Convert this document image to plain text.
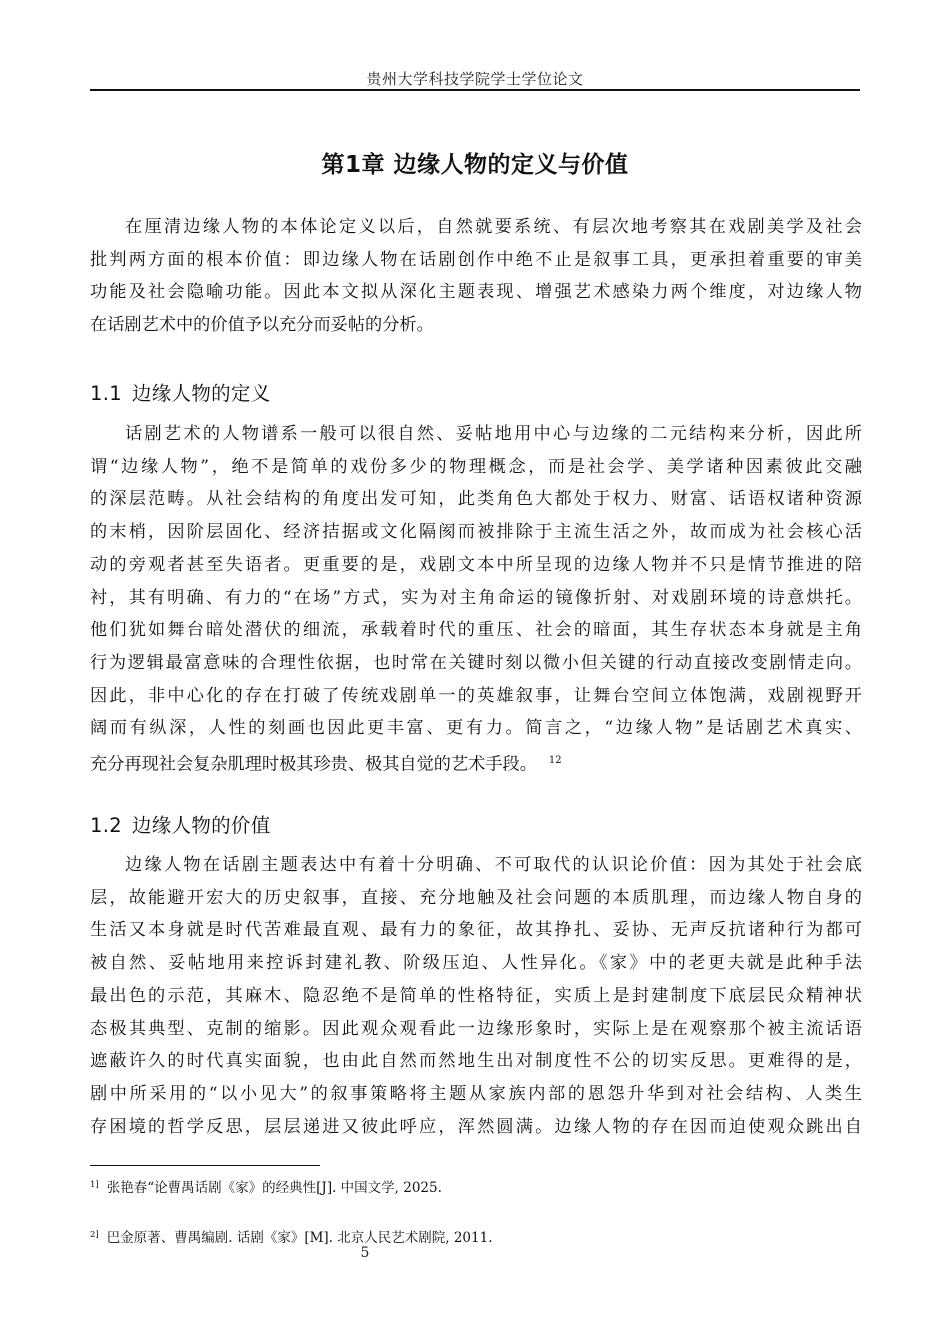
贵州大学科技学院学士学位论文
第1章 边缘人物的定义与价值

在厘清边缘人物的本体论定义以后，自然就要系统、有层次地考察其在戏剧美学及社会
批判两方面的根本价值：即边缘人物在话剧创作中绝不止是叙事工具，更承担着重要的审美
功能及社会隐喻功能。因此本文拟从深化主题表现、增强艺术感染力两个维度，对边缘人物
在话剧艺术中的价值予以充分而妥帖的分析。

1.1 边缘人物的定义

话剧艺术的人物谱系一般可以很自然、妥帖地用中心与边缘的二元结构来分析，因此所
谓“边缘人物”，绝不是简单的戏份多少的物理概念，而是社会学、美学诸种因素彼此交融
的深层范畴。从社会结构的角度出发可知，此类角色大都处于权力、财富、话语权诸种资源
的末梢，因阶层固化、经济拮据或文化隔阂而被排除于主流生活之外，故而成为社会核心活
动的旁观者甚至失语者。更重要的是，戏剧文本中所呈现的边缘人物并不只是情节推进的陪
衬，其有明确、有力的“在场”方式，实为对主角命运的镜像折射、对戏剧环境的诗意烘托。
他们犹如舞台暗处潜伏的细流，承载着时代的重压、社会的暗面，其生存状态本身就是主角
行为逻辑最富意味的合理性依据，也时常在关键时刻以微小但关键的行动直接改变剧情走向。
因此，非中心化的存在打破了传统戏剧单一的英雄叙事，让舞台空间立体饱满，戏剧视野开
阔而有纵深，人性的刻画也因此更丰富、更有力。简言之，“边缘人物”是话剧艺术真实、
充分再现社会复杂肌理时极其珍贵、极其自觉的艺术手段。 $^{12}$

1.2 边缘人物的价值

边缘人物在话剧主题表达中有着十分明确、不可取代的认识论价值：因为其处于社会底
层，故能避开宏大的历史叙事，直接、充分地触及社会问题的本质肌理，而边缘人物自身的
生活又本身就是时代苦难最直观、最有力的象征，故其挣扎、妥协、无声反抗诸种行为都可
被自然、妥帖地用来控诉封建礼教、阶级压迫、人性异化。《家》中的老更夫就是此种手法
最出色的示范，其麻木、隐忍绝不是简单的性格特征，实质上是封建制度下底层民众精神状
态极其典型、克制的缩影。因此观众观看此一边缘形象时，实际上是在观察那个被主流话语
遮蔽许久的时代真实面貌，也由此自然而然地生出对制度性不公的切实反思。更难得的是，
剧中所采用的“以小见大”的叙事策略将主题从家族内部的恩怨升华到对社会结构、人类生
存困境的哲学反思，层层递进又彼此呼应，浑然圆满。边缘人物的存在因而迫使观众跳出自

$^{1]}$ 张艳春“论曹禺话剧《家》的经典性[J]. 中国文学, 2025.
$^{2]}$ 巴金原著、曹禺编剧. 话剧《家》[M]. 北京人民艺术剧院, 2011.
5
